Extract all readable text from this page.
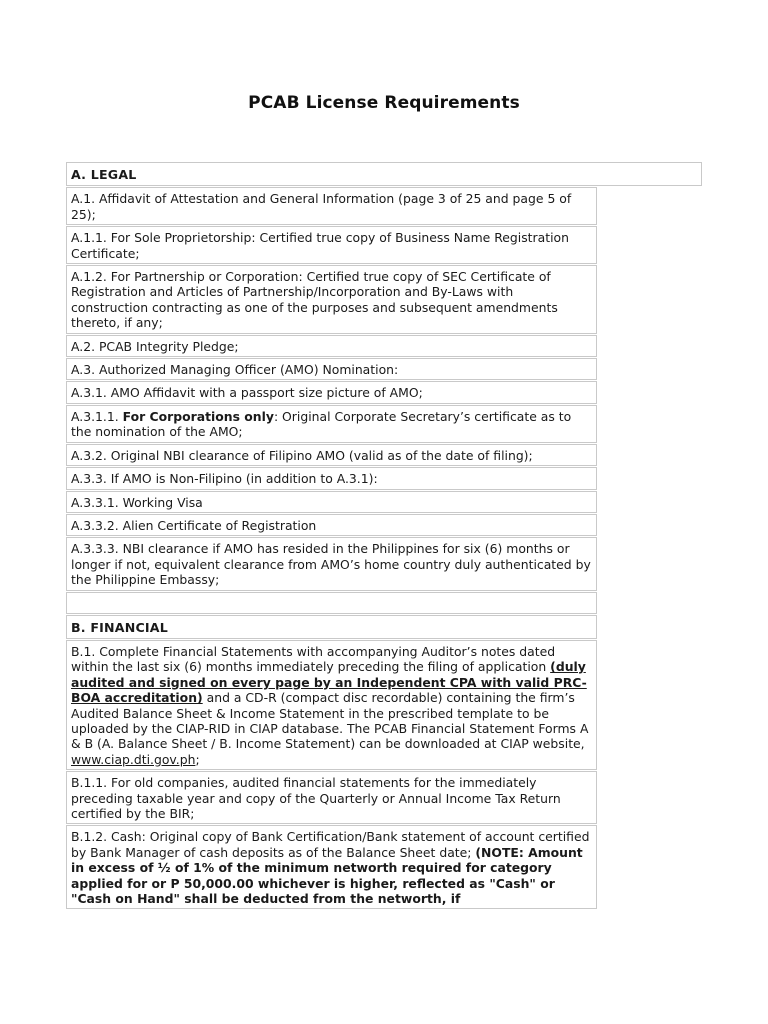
PCAB License Requirements
A. LEGAL
A.1. Affidavit of Attestation and General Information (page 3 of 25 and page 5 of 25);
A.1.1. For Sole Proprietorship: Certified true copy of Business Name Registration Certificate;
A.1.2. For Partnership or Corporation: Certified true copy of SEC Certificate of Registration and Articles of Partnership/Incorporation and By-Laws with construction contracting as one of the purposes and subsequent amendments thereto, if any;
A.2. PCAB Integrity Pledge;
A.3. Authorized Managing Officer (AMO) Nomination:
A.3.1. AMO Affidavit with a passport size picture of AMO;
A.3.1.1. For Corporations only: Original Corporate Secretary’s certificate as to the nomination of the AMO;
A.3.2. Original NBI clearance of Filipino AMO (valid as of the date of filing);
A.3.3. If AMO is Non-Filipino (in addition to A.3.1):
A.3.3.1. Working Visa
A.3.3.2. Alien Certificate of Registration
A.3.3.3. NBI clearance if AMO has resided in the Philippines for six (6) months or longer if not, equivalent clearance from AMO’s home country duly authenticated by the Philippine Embassy;
B. FINANCIAL
B.1. Complete Financial Statements with accompanying Auditor’s notes dated within the last six (6) months immediately preceding the filing of application (duly audited and signed on every page by an Independent CPA with valid PRC-BOA accreditation) and a CD-R (compact disc recordable) containing the firm’s Audited Balance Sheet & Income Statement in the prescribed template to be uploaded by the CIAP-RID in CIAP database. The PCAB Financial Statement Forms A & B (A. Balance Sheet / B. Income Statement) can be downloaded at CIAP website, www.ciap.dti.gov.ph;
B.1.1. For old companies, audited financial statements for the immediately preceding taxable year and copy of the Quarterly or Annual Income Tax Return certified by the BIR;
B.1.2. Cash: Original copy of Bank Certification/Bank statement of account certified by Bank Manager of cash deposits as of the Balance Sheet date; (NOTE: Amount in excess of ½ of 1% of the minimum networth required for category applied for or P 50,000.00 whichever is higher, reflected as "Cash" or "Cash on Hand" shall be deducted from the networth, if
